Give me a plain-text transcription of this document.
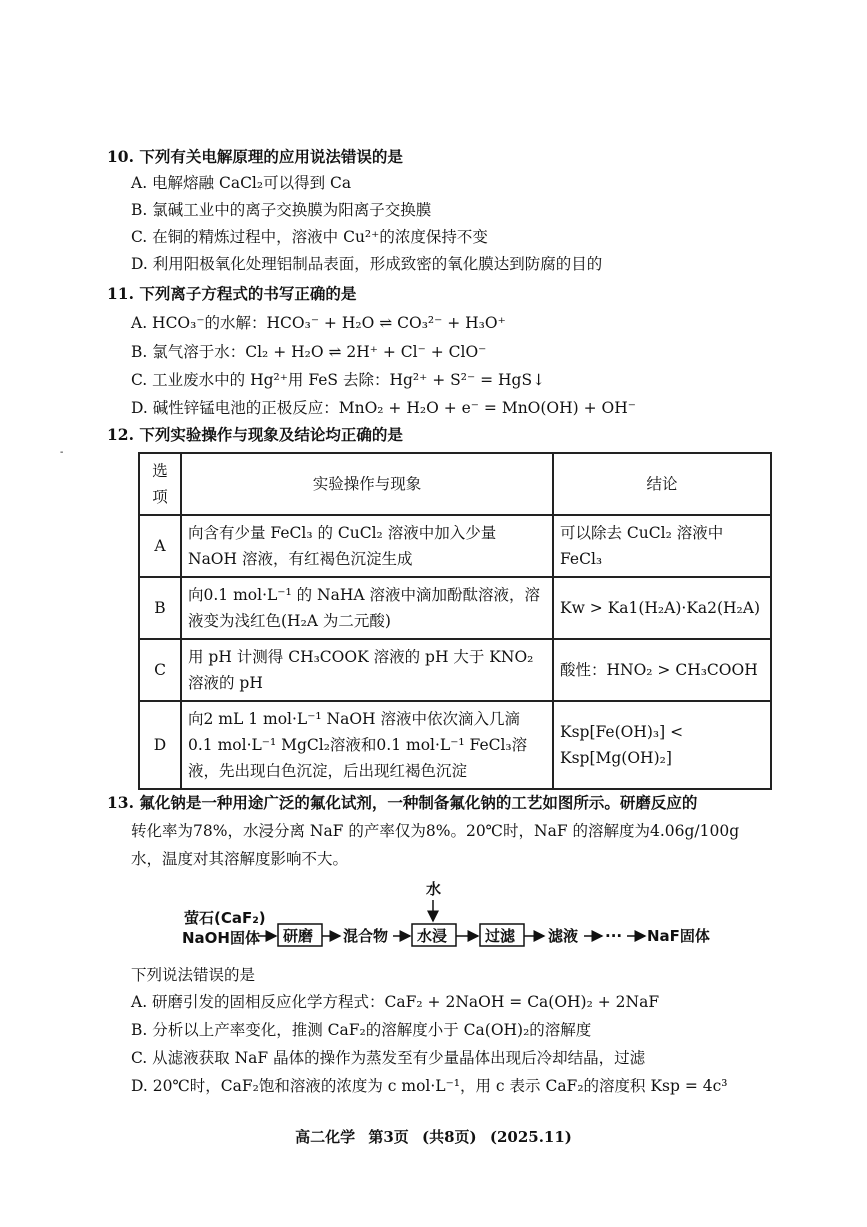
10. 下列有关电解原理的应用说法错误的是
A. 电解熔融 CaCl₂可以得到 Ca
B. 氯碱工业中的离子交换膜为阳离子交换膜
C. 在铜的精炼过程中，溶液中 Cu²⁺的浓度保持不变
D. 利用阳极氧化处理铝制品表面，形成致密的氧化膜达到防腐的目的
11. 下列离子方程式的书写正确的是
A. HCO₃⁻的水解：HCO₃⁻ + H₂O ⇌ CO₃²⁻ + H₃O⁺
B. 氯气溶于水：Cl₂ + H₂O ⇌ 2H⁺ + Cl⁻ + ClO⁻
C. 工业废水中的 Hg²⁺用 FeS 去除：Hg²⁺ + S²⁻ = HgS↓
D. 碱性锌锰电池的正极反应：MnO₂ + H₂O + e⁻ = MnO(OH) + OH⁻
-
12. 下列实验操作与现象及结论均正确的是
选项	实验操作与现象	结论
A	向含有少量 FeCl₃ 的 CuCl₂ 溶液中加入少量 NaOH 溶液，有红褐色沉淀生成	可以除去 CuCl₂ 溶液中 FeCl₃
B	向0.1 mol·L⁻¹ 的 NaHA 溶液中滴加酚酞溶液，溶液变为浅红色(H₂A 为二元酸)	Kw > Ka1(H₂A)·Ka2(H₂A)
C	用 pH 计测得 CH₃COOK 溶液的 pH 大于 KNO₂ 溶液的 pH	酸性：HNO₂ > CH₃COOH
D	向2 mL 1 mol·L⁻¹ NaOH 溶液中依次滴入几滴 0.1 mol·L⁻¹ MgCl₂溶液和0.1 mol·L⁻¹ FeCl₃溶液，先出现白色沉淀，后出现红褐色沉淀	Ksp[Fe(OH)₃] < Ksp[Mg(OH)₂]
13. 氟化钠是一种用途广泛的氟化试剂，一种制备氟化钠的工艺如图所示。研磨反应的
转化率为78%，水浸分离 NaF 的产率仅为8%。20℃时，NaF 的溶解度为4.06g/100g
水，温度对其溶解度影响不大。
水
萤石(CaF₂)
NaOH固体 研磨 混合物 水浸	过滤 滤液 ··· NaF固体
下列说法错误的是
A. 研磨引发的固相反应化学方程式：CaF₂ + 2NaOH = Ca(OH)₂ + 2NaF
B. 分析以上产率变化，推测 CaF₂的溶解度小于 Ca(OH)₂的溶解度
C. 从滤液获取 NaF 晶体的操作为蒸发至有少量晶体出现后冷却结晶，过滤
D. 20℃时，CaF₂饱和溶液的浓度为 c mol·L⁻¹，用 c 表示 CaF₂的溶度积 Ksp = 4c³
高二化学 第3页 (共8页) (2025.11)
